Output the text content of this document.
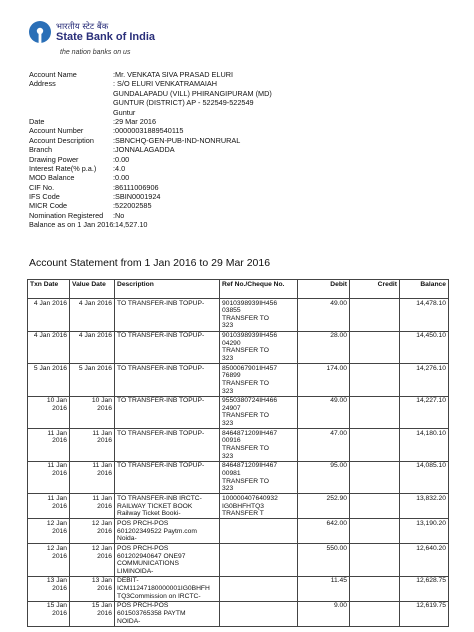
भारतीय स्टेट बैंक
State Bank of India
the nation banks on us
Account Name	:Mr. VENKATA SIVA PRASAD ELURI
Address	: S/O ELURI VENKATRAMAIAH
GUNDALAPADU (VILL) PHIRANGIPURAM (MD)
GUNTUR (DISTRICT) AP - 522549-522549
Guntur
Date	:29 Mar 2016
Account Number	:00000031889540115
Account Description	:SBNCHQ-GEN-PUB-IND-NONRURAL
Branch	:JONNALAGADDA
Drawing Power	:0.00
Interest Rate(% p.a.)	:4.0
MOD Balance	:0.00
CIF No.	:86111006906
IFS Code	:SBIN0001924
MICR Code	:522002585
Nomination Registered	:No
Balance as on 1 Jan 2016 :14,527.10
Account Statement from 1 Jan 2016 to 29 Mar 2016
Txn Date	Value Date	Description	Ref No./Cheque No.	Debit	Credit	Balance

4 Jan 2016	4 Jan 2016	TO TRANSFER-INB TOPUP-	9010398939IH456
03855
TRANSFER TO
323	49.00		14,478.10

4 Jan 2016	4 Jan 2016	TO TRANSFER-INB TOPUP-	9010398939IH456
04290
TRANSFER TO
323	28.00		14,450.10

5 Jan 2016	5 Jan 2016	TO TRANSFER-INB TOPUP-	8500067901IH457
76899
TRANSFER TO
323	174.00		14,276.10

10 Jan
2016	10 Jan
2016	TO TRANSFER-INB TOPUP-	9550380724IH466
24907
TRANSFER TO
323	49.00		14,227.10

11 Jan
2016	11 Jan
2016	TO TRANSFER-INB TOPUP-	8464871209IH467
00916
TRANSFER TO
323	47.00		14,180.10

11 Jan
2016	11 Jan
2016	TO TRANSFER-INB TOPUP-	8464871209IH467
00981
TRANSFER TO
323	95.00		14,085.10

11 Jan
2016	11 Jan
2016	TO TRANSFER-INB IRCTC-
RAILWAY TICKET BOOK
Railway Ticket Booki-	100000407640932
IG0BHFHTQ3
TRANSFER T	252.90		13,832.20

12 Jan
2016	12 Jan
2016	POS PRCH-POS
601202349522 Paytm.com
Noida-		642.00		13,190.20

12 Jan
2016	12 Jan
2016	POS PRCH-POS
601202940647 ONE97
COMMUNICATIONS
LIMINOIDA-		550.00		12,640.20

13 Jan
2016	13 Jan
2016	DEBIT-
ICM11247180000001IG0BHFH
TQ3Commission on IRCTC-		11.45		12,628.75

15 Jan
2016	15 Jan
2016	POS PRCH-POS
601503765358 PAYTM
NOIDA-		9.00		12,619.75
